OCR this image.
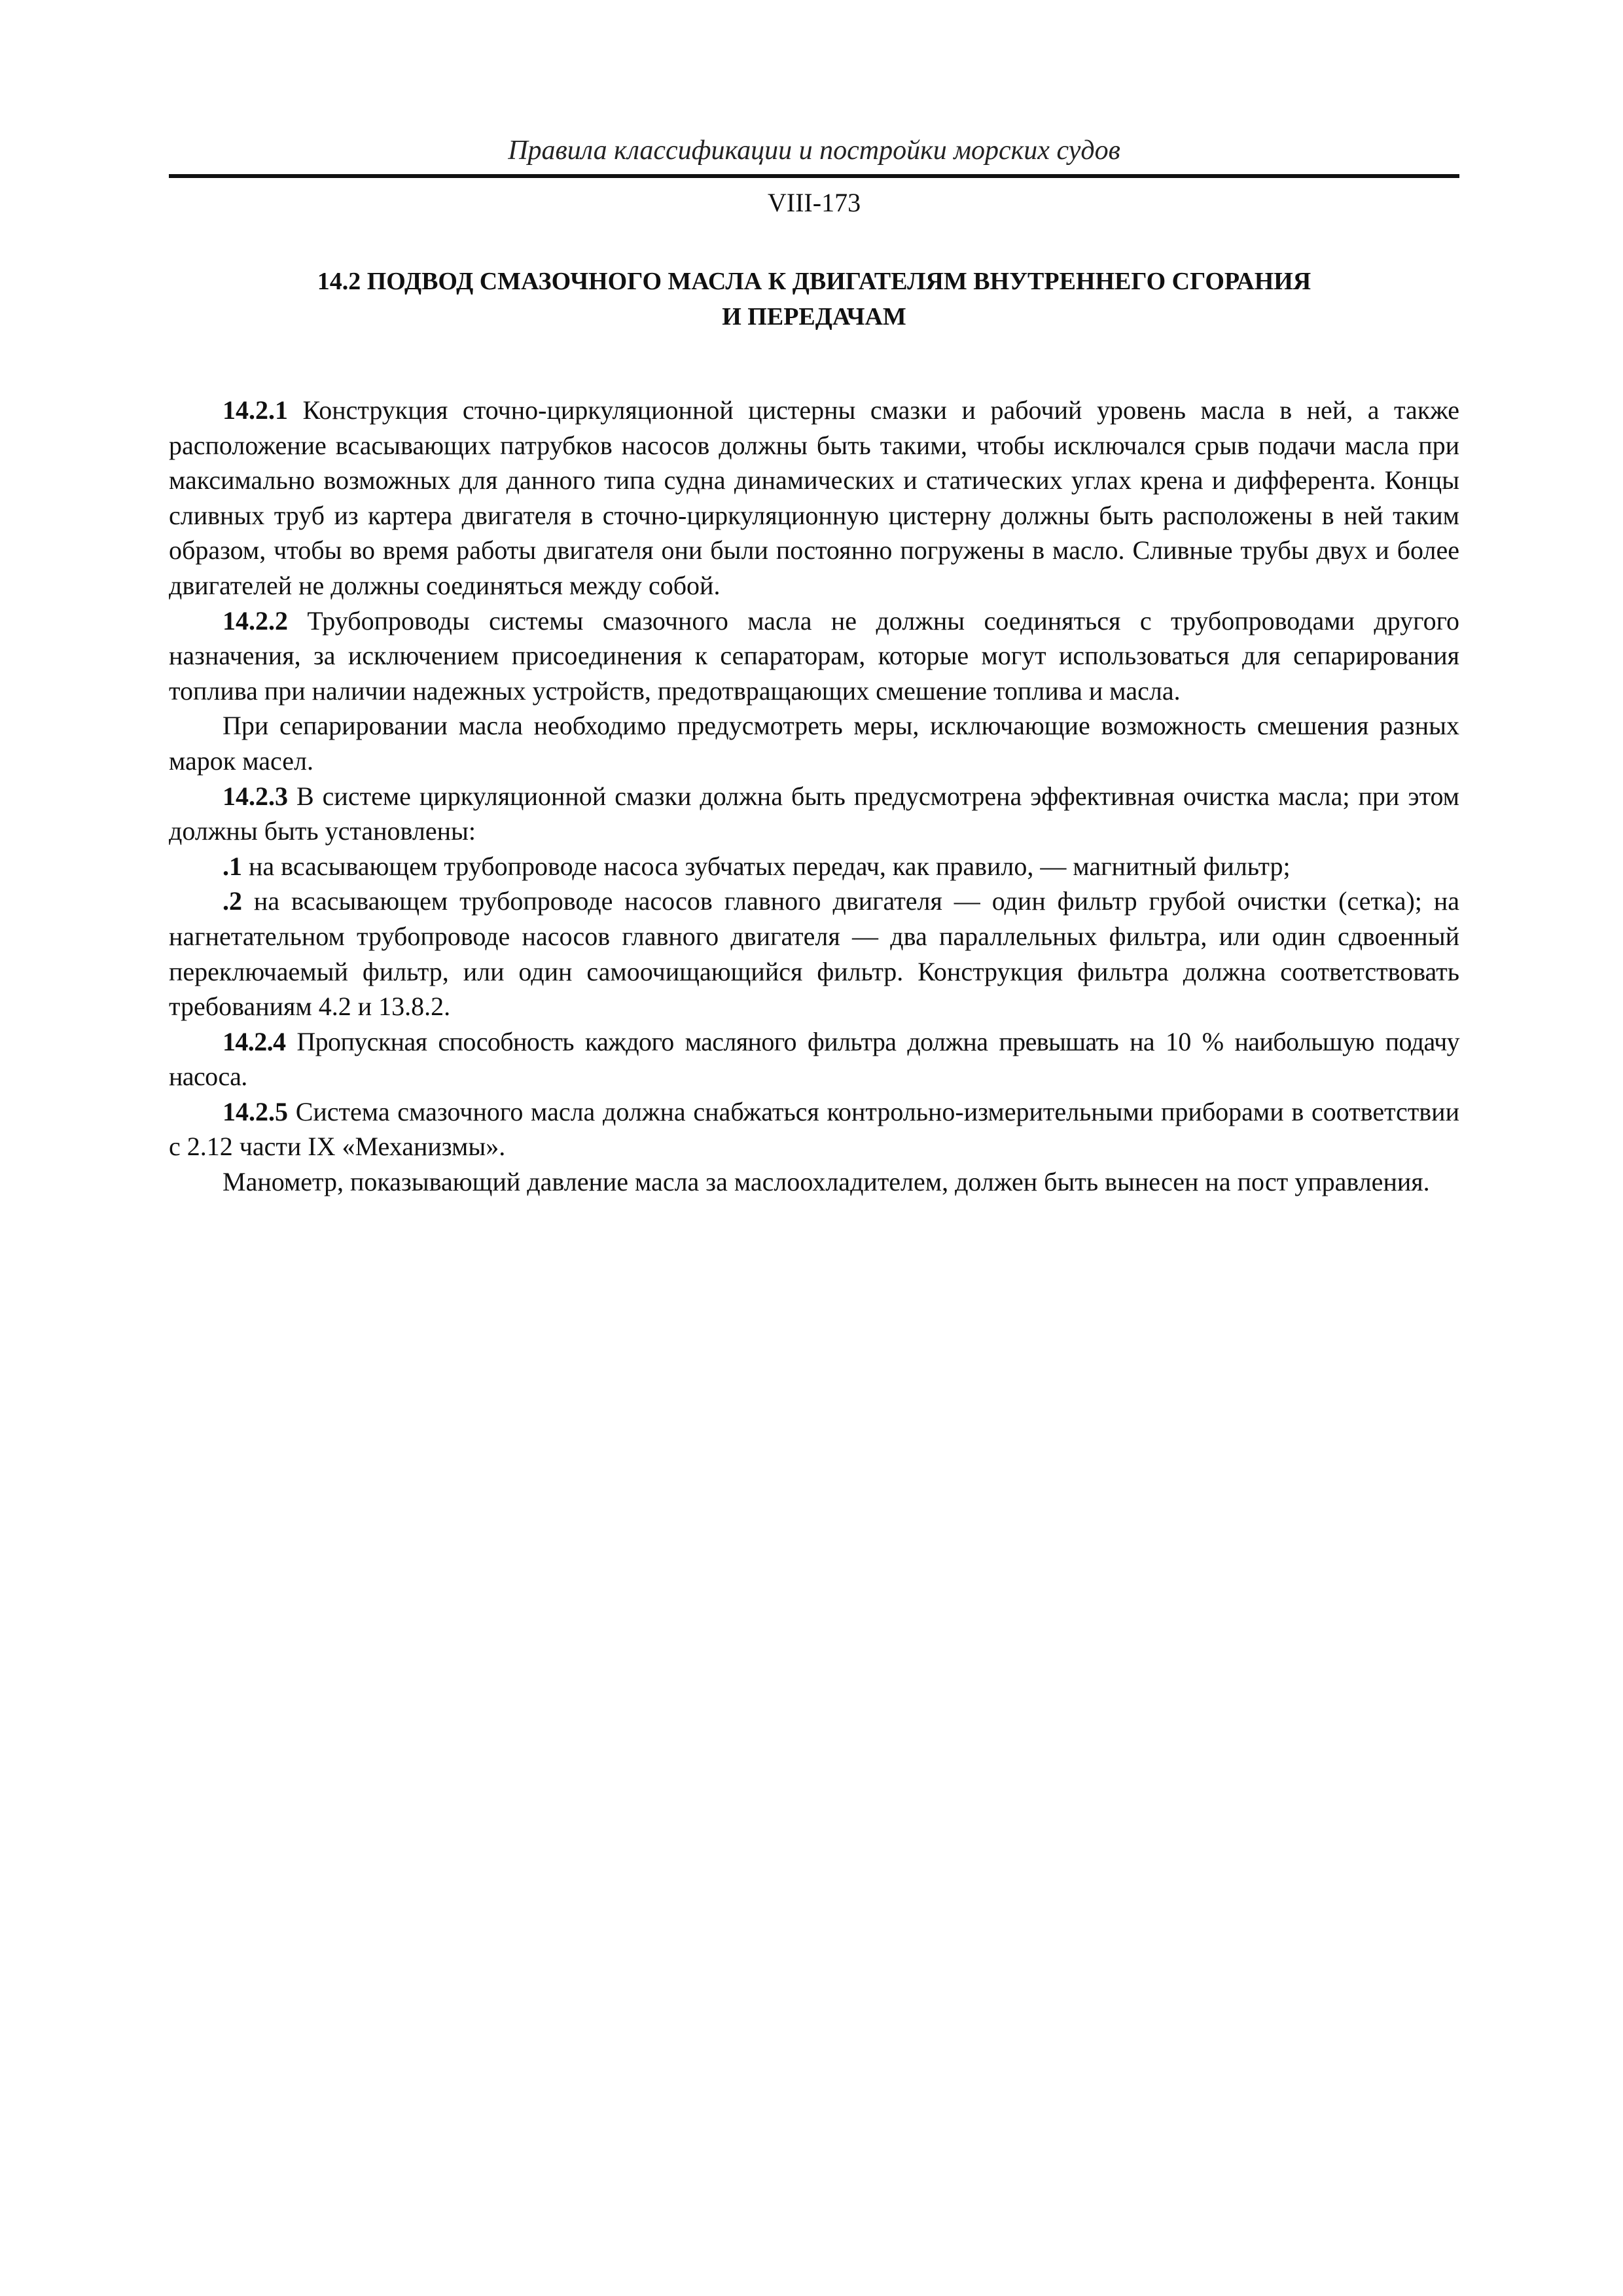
Правила классификации и постройки морских судов
VIII-173
14.2 ПОДВОД СМАЗОЧНОГО МАСЛА К ДВИГАТЕЛЯМ ВНУТРЕННЕГО СГОРАНИЯ
И ПЕРЕДАЧАМ

14.2.1 Конструкция сточно-циркуляционной цистерны смазки и рабочий уровень масла в ней, а также расположение всасывающих патрубков насосов должны быть такими, чтобы исключался срыв подачи масла при максимально возможных для данного типа судна динамических и статических углах крена и дифферента. Концы сливных труб из картера двигателя в сточно-циркуляционную цистерну должны быть расположены в ней таким образом, чтобы во время работы двигателя они были постоянно погружены в масло. Сливные трубы двух и более двигателей не должны соединяться между собой.

14.2.2 Трубопроводы системы смазочного масла не должны соединяться с трубопроводами другого назначения, за исключением присоединения к сепараторам, которые могут использоваться для сепарирования топлива при наличии надежных устройств, предотвращающих смешение топлива и масла.

При сепарировании масла необходимо предусмотреть меры, исключающие возможность смешения разных марок масел.

14.2.3 В системе циркуляционной смазки должна быть предусмотрена эффективная очистка масла; при этом должны быть установлены:

.1 на всасывающем трубопроводе насоса зубчатых передач, как правило, — магнитный фильтр;

.2 на всасывающем трубопроводе насосов главного двигателя — один фильтр грубой очистки (сетка); на нагнетательном трубопроводе насосов главного двигателя — два параллельных фильтра, или один сдвоенный переключаемый фильтр, или один самоочищающийся фильтр. Конструкция фильтра должна соответствовать требованиям 4.2 и 13.8.2.

14.2.4 Пропускная способность каждого масляного фильтра должна превышать на 10 % наибольшую подачу насоса.

14.2.5 Система смазочного масла должна снабжаться контрольно-измерительными приборами в соответствии с 2.12 части IX «Механизмы».

Манометр, показывающий давление масла за маслоохладителем, должен быть вынесен на пост управления.
